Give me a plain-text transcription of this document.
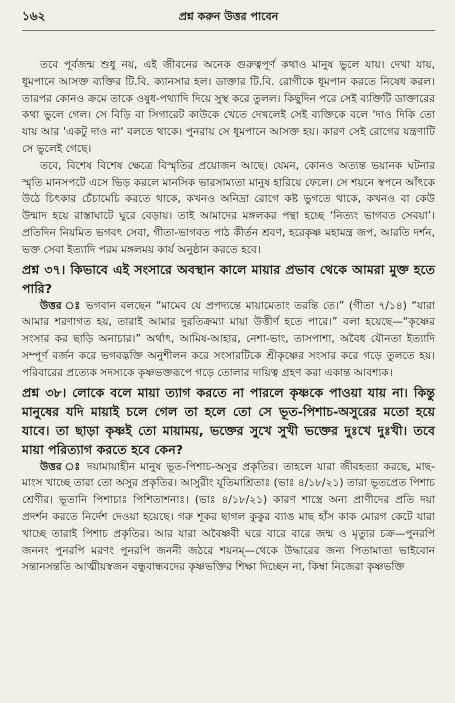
১৬২	প্রশ্ন করুন উত্তর পাবেন

তবে পূর্বজন্ম শুধু নয়, এই জীবনের অনেক গুরুত্বপূর্ণ কথাও মানুষ ভুলে যায়। দেখা যায়, ধূমপানে আসক্ত ব্যক্তির টি.বি. ক্যানসার হল। ডাক্তার টি.বি. রোগীকে ধূমপান করতে নিষেধ করল। তারপর কোনও ক্রমে তাকে ওষুধ-পথ্যাদি দিয়ে সুস্থ করে তুলল। কিছুদিন পরে সেই ব্যক্তিটি ডাক্তারের কথা ভুলে গেল। সে বিড়ি বা সিগারেট কাউকে খেতে দেখলেই সেই ব্যক্তিকে বলে 'দাও দিকি তো যায় আর 'একটু দাও না' বলতে থাকে। পুনরায় সে ধূমপানে আসক্ত হয়। কারণ সেই রোগের যন্ত্রণাটি সে ভুলেই গেছে।

তবে, বিশেষ বিশেষ ক্ষেত্রে বিস্মৃতির প্রয়োজন আছে। যেমন, কোনও অত্যন্ত ভয়ানক ঘটনার স্মৃতি মানসপটে এসে ভিড় করলে মানসিক ভারসাম্যতা মানুষ হারিয়ে ফেলে। সে শয়নে স্বপনে আঁৎকে উঠে চিৎকার চেঁচামেচি করতে থাকে, কখনও অনিদ্রা রোগে কষ্ট ভুগতে থাকে, কখনও বা কেউ উন্মাদ হয়ে রাস্তাঘাটে ঘুরে বেড়ায়। তাই আমাদের মঙ্গলকর পন্থা হচ্ছে ‘নিত্যং ভাগবত সেবয়া’। প্রতিদিন নিয়মিত ভগবৎ সেবা, গীতা-ভাগবত পাঠ কীর্তন শ্রবণ, হরেকৃষ্ণ মহামন্ত্র জপ, আরতি দর্শন, ভক্ত সেবা ইত্যাদি পরম মঙ্গলময় কার্য অনুষ্ঠান করতে হবে।

প্রশ্ন ৩৭। কিভাবে এই সংসারে অবস্থান কালে মায়ার প্রভাব থেকে আমরা মুক্ত হতে পারি?

উত্তর ঃ ভগবান বলছেন “মামেব যে প্রপদ্যন্তে মায়ামেতাং তরন্তি তে।” (গীতা ৭/১৪) “যারা আমার শরণাগত হয়, তারাই আমার দুরতিক্রম্যা মায়া উত্তীর্ণ হতে পারে।” বলা হয়েছে—“কৃষ্ণের সংসার কর ছাড়ি অনাচার।” অর্থাৎ, আমিষ-আহার, নেশা-ভাং, তাসপাশা, অবৈধ যৌনতা ইত্যাদি সম্পূর্ণ বর্জন করে ভগবদ্ভক্তি অনুশীলন করে সংসারটিকে শ্রীকৃষ্ণের সংসার করে গড়ে তুলতে হয়। পরিবারের প্রত্যেক সদস্যকে কৃষ্ণভক্তরূপে গড়ে তোলার দায়িত্ব গ্রহণ করা একান্ত আবশ্যক।

প্রশ্ন ৩৮। লোকে বলে মায়া ত্যাগ করতে না পারলে কৃষ্ণকে পাওয়া যায় না। কিন্তু মানুষের যদি মায়াই চলে গেল তা হলে তো সে ভূত-পিশাচ-অসুরের মতো হয়ে যাবে। তা ছাড়া কৃষ্ণই তো মায়াময়, ভক্তের সুখে সুখী ভক্তের দুঃখে দুঃখী। তবে মায়া পরিত্যাগ করতে হবে কেন?

উত্তর ঃ দয়ামায়াহীন মানুষ ভূত-পিশাচ-অসুর প্রকৃতির। তাহলে যারা জীবহত্যা করছে, মাছ-মাংস খাচ্ছে তারা তো অসুর প্রকৃতির। আসুরীং যূতিমাশ্রিতাঃ (ভাঃ ৪/১৮/২১) তারা ভূতপ্রেত পিশাচ শ্রেণীর। ভূতানি পিশাচাঃ পিশিতাশনাঃ। (ভাঃ ৪/১৮/২১) কারণ শাস্ত্রে অন্য প্রাণীদের প্রতি দয়া প্রদর্শন করতে নির্দেশ দেওয়া হয়েছে। গরু শূকর ছাগল কুকুর ব্যাঙ মাছ হাঁস কাক মোরগ কেটে যারা খাচ্ছে তারাই পিশাচ প্রকৃতির। আর যারা অবৈষ্ণবী ঘরে বারে বারে জন্ম ও মৃত্যুর চক্র—পুনরপি জননং পুনরপি মরণং পুনরপি জননী জঠরে শয়নম্—থেকে উদ্ধারের জন্য পিতামাতা ভাইবোন সন্তানসন্ততি আত্মীয়স্বজন বন্ধুবান্ধবদের কৃষ্ণভক্তির শিক্ষা দিচ্ছেন না, কিম্বা নিজেরা কৃষ্ণভক্তি
